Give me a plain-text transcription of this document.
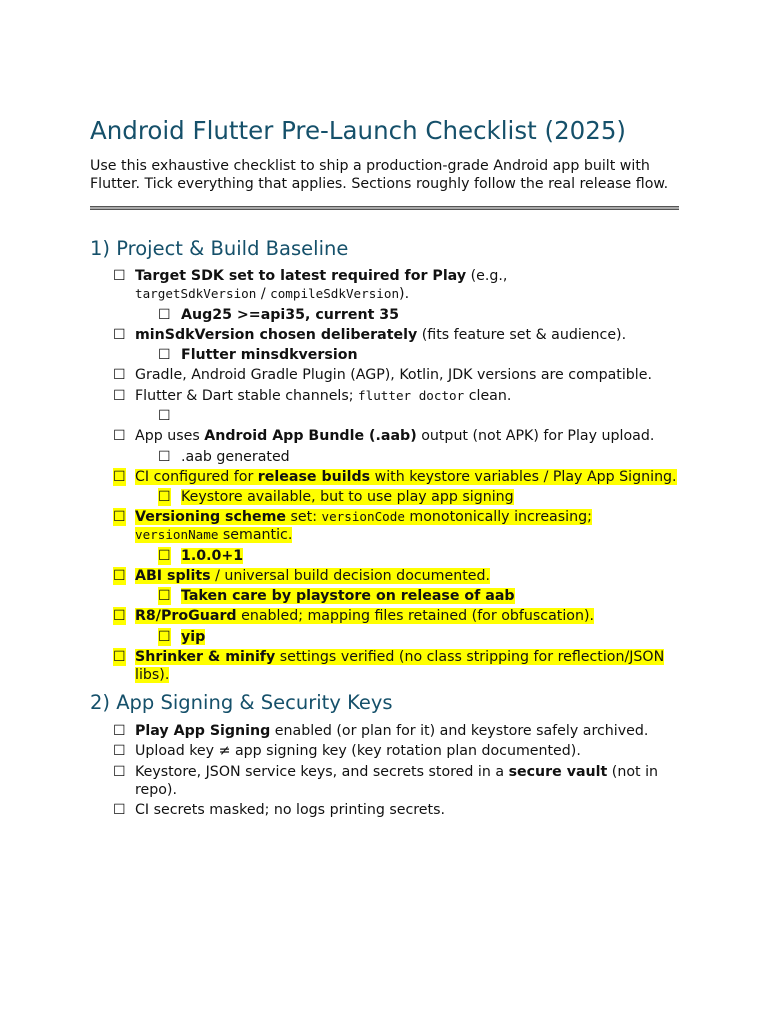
Android Flutter Pre-Launch Checklist (2025)
Use this exhaustive checklist to ship a production-grade Android app built with Flutter. Tick everything that applies. Sections roughly follow the real release flow.
1) Project & Build Baseline
☐ Target SDK set to latest required for Play (e.g.,
targetSdkVersion / compileSdkVersion).
☐ Aug25 >=api35, current 35
☐ minSdkVersion chosen deliberately (fits feature set & audience).
☐ Flutter minsdkversion
☐ Gradle, Android Gradle Plugin (AGP), Kotlin, JDK versions are compatible.
☐ Flutter & Dart stable channels; flutter doctor clean.
☐

☐ App uses Android App Bundle (.aab) output (not APK) for Play upload.
☐ .aab generated
☐ CI configured for release builds with keystore variables / Play App Signing.
☐ Keystore available, but to use play app signing
☐ Versioning scheme set: versionCode monotonically increasing;
versionName semantic.
☐ 1.0.0+1
☐ ABI splits / universal build decision documented.
☐ Taken care by playstore on release of aab
☐ R8/ProGuard enabled; mapping files retained (for obfuscation).
☐ yip
☐ Shrinker & minify settings verified (no class stripping for reflection/JSON libs).
2) App Signing & Security Keys
☐ Play App Signing enabled (or plan for it) and keystore safely archived.
☐ Upload key ≠ app signing key (key rotation plan documented).
☐ Keystore, JSON service keys, and secrets stored in a secure vault (not in repo).
☐ CI secrets masked; no logs printing secrets.
